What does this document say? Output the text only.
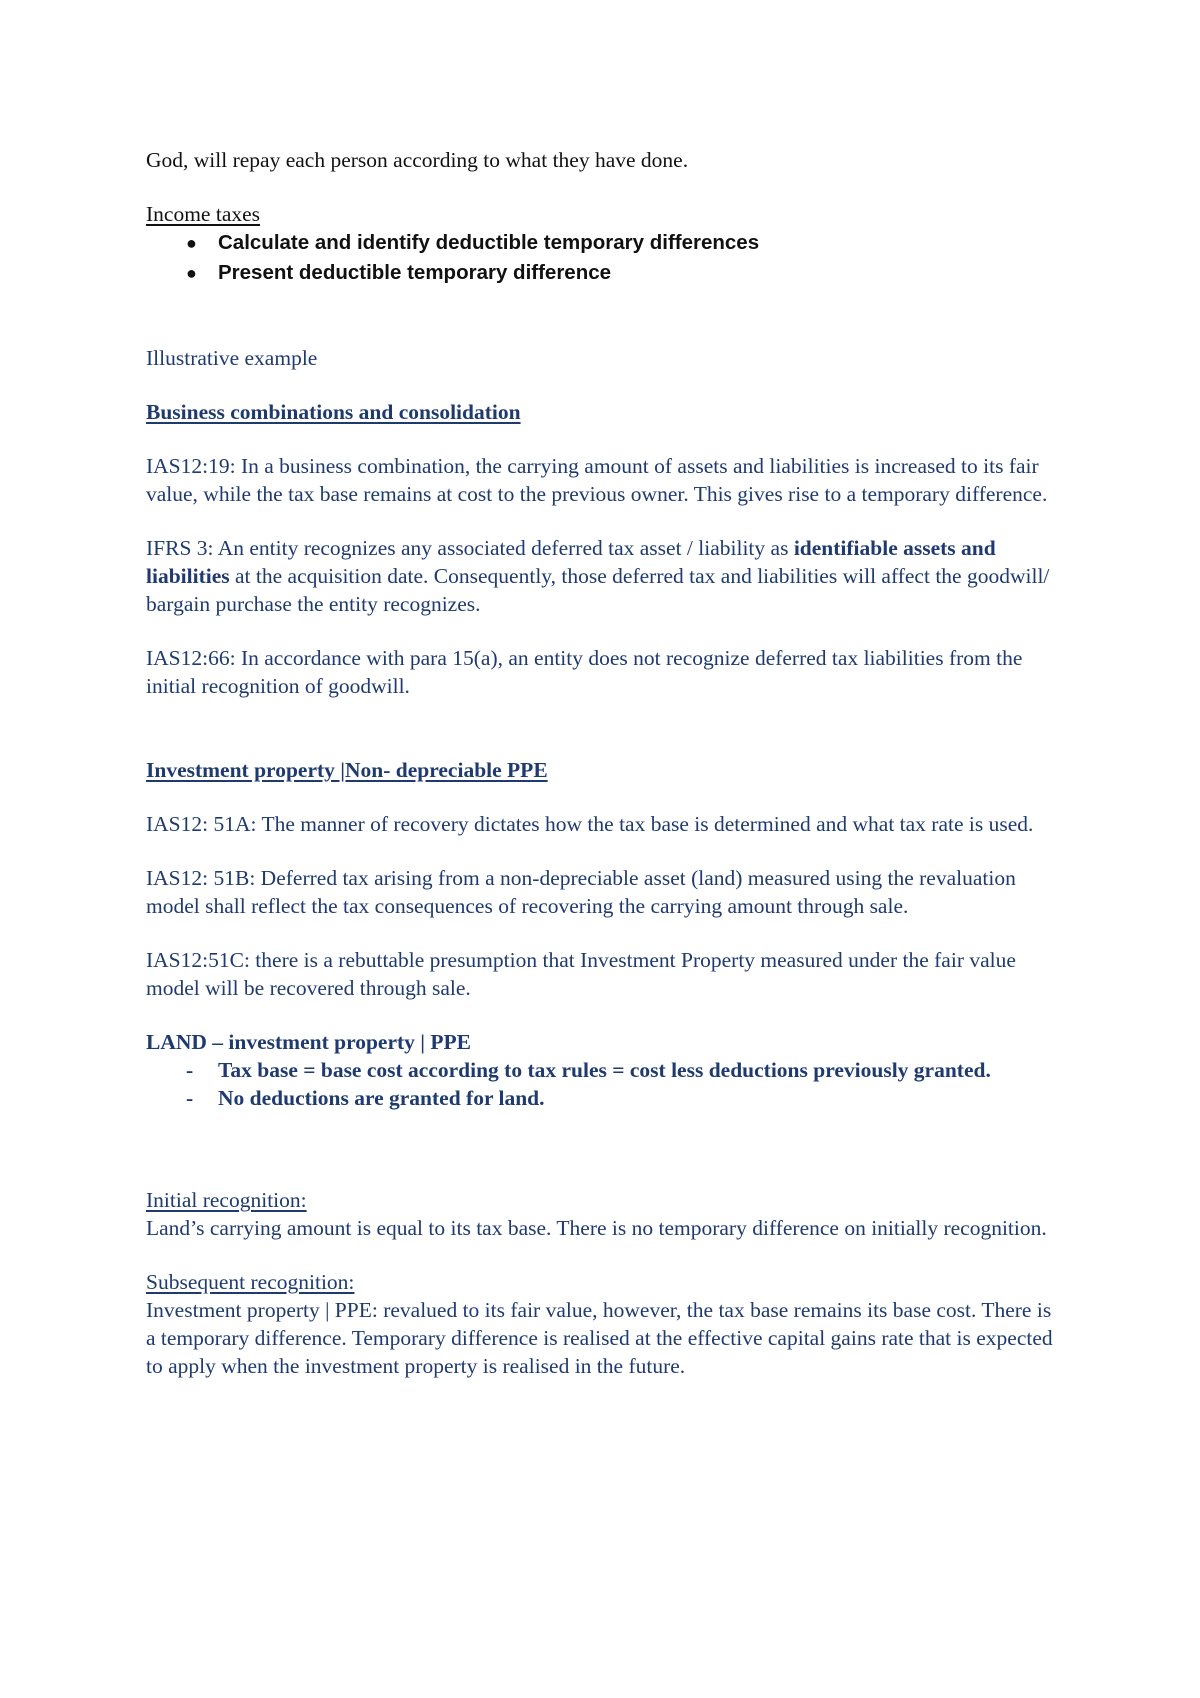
God, will repay each person according to what they have done.

Income taxes

● Calculate and identify deductible temporary differences
● Present deductible temporary difference

Illustrative example

Business combinations and consolidation

IAS12:19: In a business combination, the carrying amount of assets and liabilities is increased to its fair value, while the tax base remains at cost to the previous owner. This gives rise to a temporary difference.

IFRS 3: An entity recognizes any associated deferred tax asset / liability as identifiable assets and liabilities at the acquisition date. Consequently, those deferred tax and liabilities will affect the goodwill/ bargain purchase the entity recognizes.

IAS12:66: In accordance with para 15(a), an entity does not recognize deferred tax liabilities from the initial recognition of goodwill.

Investment property |Non- depreciable PPE

IAS12: 51A: The manner of recovery dictates how the tax base is determined and what tax rate is used.

IAS12: 51B: Deferred tax arising from a non-depreciable asset (land) measured using the revaluation model shall reflect the tax consequences of recovering the carrying amount through sale.

IAS12:51C: there is a rebuttable presumption that Investment Property measured under the fair value model will be recovered through sale.

LAND – investment property | PPE

- Tax base = base cost according to tax rules = cost less deductions previously granted.
- No deductions are granted for land.

Initial recognition:

Land’s carrying amount is equal to its tax base. There is no temporary difference on initially recognition.

Subsequent recognition:

Investment property | PPE: revalued to its fair value, however, the tax base remains its base cost. There is a temporary difference. Temporary difference is realised at the effective capital gains rate that is expected to apply when the investment property is realised in the future.
